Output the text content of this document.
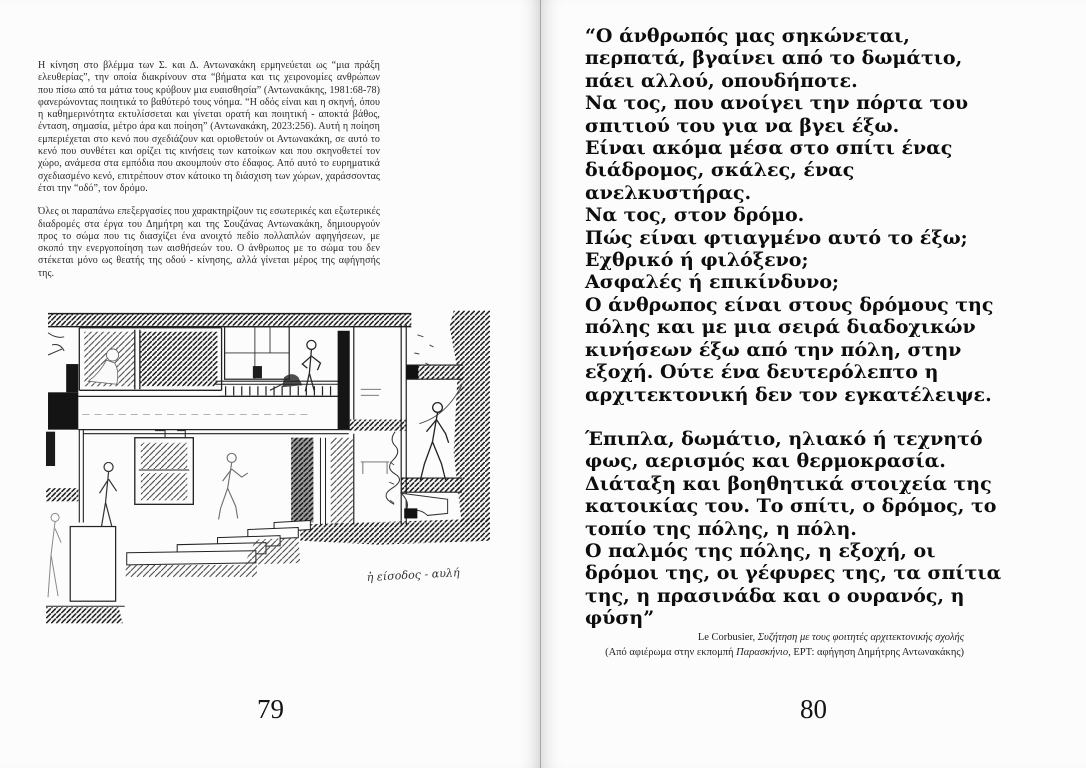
Η κίνηση στο βλέμμα των Σ. και Δ. Αντωνακάκη ερμηνεύεται ως “μια πράξη ελευθερίας”, την οποία διακρίνουν στα “βήματα και τις χειρονομίες ανθρώπων που πίσω από τα μάτια τους κρύβουν μια ευαισθησία” (Αντωνακάκης, 1981:68-78) φανερώνοντας ποιητικά το βαθύτερό τους νόημα. “Η οδός είναι και η σκηνή, όπου η καθημερινότητα εκτυλίσσεται και γίνεται ορατή και ποιητική - αποκτά βάθος, ένταση, σημασία, μέτρο άρα και ποίηση” (Αντωνακάκη, 2023:256). Αυτή η ποίηση εμπεριέχεται στο κενό που σχεδιάζουν και οριοθετούν οι Αντωνακάκη, σε αυτό το κενό που συνθέτει και ορίζει τις κινήσεις των κατοίκων και που σκηνοθετεί τον χώρο, ανάμεσα στα εμπόδια που ακουμπούν στο έδαφος. Από αυτό το ευρηματικά σχεδιασμένο κενό, επιτρέπουν στον κάτοικο τη διάσχιση των χώρων, χαράσσοντας έτσι την “οδό”, τον δρόμο.

Όλες οι παραπάνω επεξεργασίες που χαρακτηρίζουν τις εσωτερικές και εξωτερικές διαδρομές στα έργα του Δημήτρη και της Σουζάνας Αντωνακάκη, δημιουργούν προς το σώμα που τις διασχίζει ένα ανοιχτό πεδίο πολλαπλών αφηγήσεων, με σκοπό την ενεργοποίηση των αισθήσεών του. Ο άνθρωπος με το σώμα του δεν στέκεται μόνο ως θεατής της οδού - κίνησης, αλλά γίνεται μέρος της αφήγησής της.

ἡ είσοδος - αυλή
79
“Ο άνθρωπός μας σηκώνεται,
περπατά, βγαίνει από το δωμάτιο,
πάει αλλού, οπουδήποτε.
Να τος, που ανοίγει την πόρτα του
σπιτιού του για να βγει έξω.
Είναι ακόμα μέσα στο σπίτι ένας
διάδρομος, σκάλες, ένας
ανελκυστήρας.
Να τος, στον δρόμο.
Πώς είναι φτιαγμένο αυτό το έξω;
Εχθρικό ή φιλόξενο;
Ασφαλές ή επικίνδυνο;
Ο άνθρωπος είναι στους δρόμους της
πόλης και με μια σειρά διαδοχικών
κινήσεων έξω από την πόλη, στην
εξοχή. Ούτε ένα δευτερόλεπτο η
αρχιτεκτονική δεν τον εγκατέλειψε.
Έπιπλα, δωμάτιο, ηλιακό ή τεχνητό
φως, αερισμός και θερμοκρασία.
Διάταξη και βοηθητικά στοιχεία της
κατοικίας του. Το σπίτι, ο δρόμος, το
τοπίο της πόλης, η πόλη.
Ο παλμός της πόλης, η εξοχή, οι
δρόμοι της, οι γέφυρες της, τα σπίτια
της, η πρασινάδα και ο ουρανός, η
φύση”
Le Corbusier, Συζήτηση με τους φοιτητές αρχιτεκτονικής σχολής
(Από αφιέρωμα στην εκπομπή Παρασκήνιο, ΕΡΤ: αφήγηση Δημήτρης Αντωνακάκης)
80
